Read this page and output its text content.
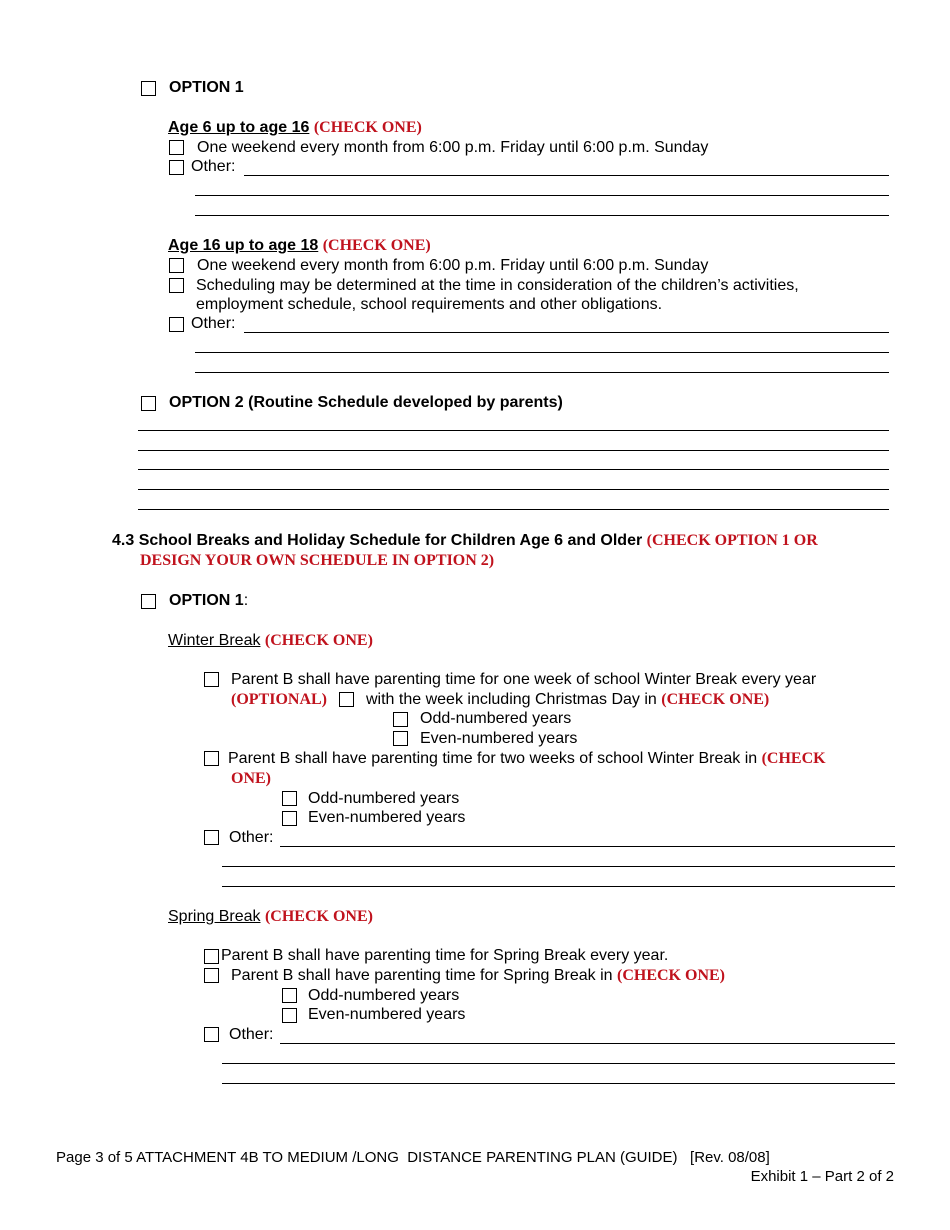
OPTION 1
Age 6 up to age 16 (CHECK ONE)
One weekend every month from 6:00 p.m. Friday until 6:00 p.m. Sunday
Other:
Age 16 up to age 18 (CHECK ONE)
One weekend every month from 6:00 p.m. Friday until 6:00 p.m. Sunday
Scheduling may be determined at the time in consideration of the children’s activities,
employment schedule, school requirements and other obligations.
Other:
OPTION 2 (Routine Schedule developed by parents)
4.3 School Breaks and Holiday Schedule for Children Age 6 and Older (CHECK OPTION 1 OR
DESIGN YOUR OWN SCHEDULE IN OPTION 2)
OPTION 1:
Winter Break (CHECK ONE)
Parent B shall have parenting time for one week of school Winter Break every year
(OPTIONAL) with the week including Christmas Day in (CHECK ONE)
Odd-numbered years
Even-numbered years
Parent B shall have parenting time for two weeks of school Winter Break in (CHECK
ONE)
Odd-numbered years
Even-numbered years
Other:
Spring Break (CHECK ONE)
Parent B shall have parenting time for Spring Break every year.
Parent B shall have parenting time for Spring Break in (CHECK ONE)
Odd-numbered years
Even-numbered years
Other:
Page 3 of 5 ATTACHMENT 4B TO MEDIUM /LONG  DISTANCE PARENTING PLAN (GUIDE)   [Rev. 08/08]
Exhibit 1 – Part 2 of 2
